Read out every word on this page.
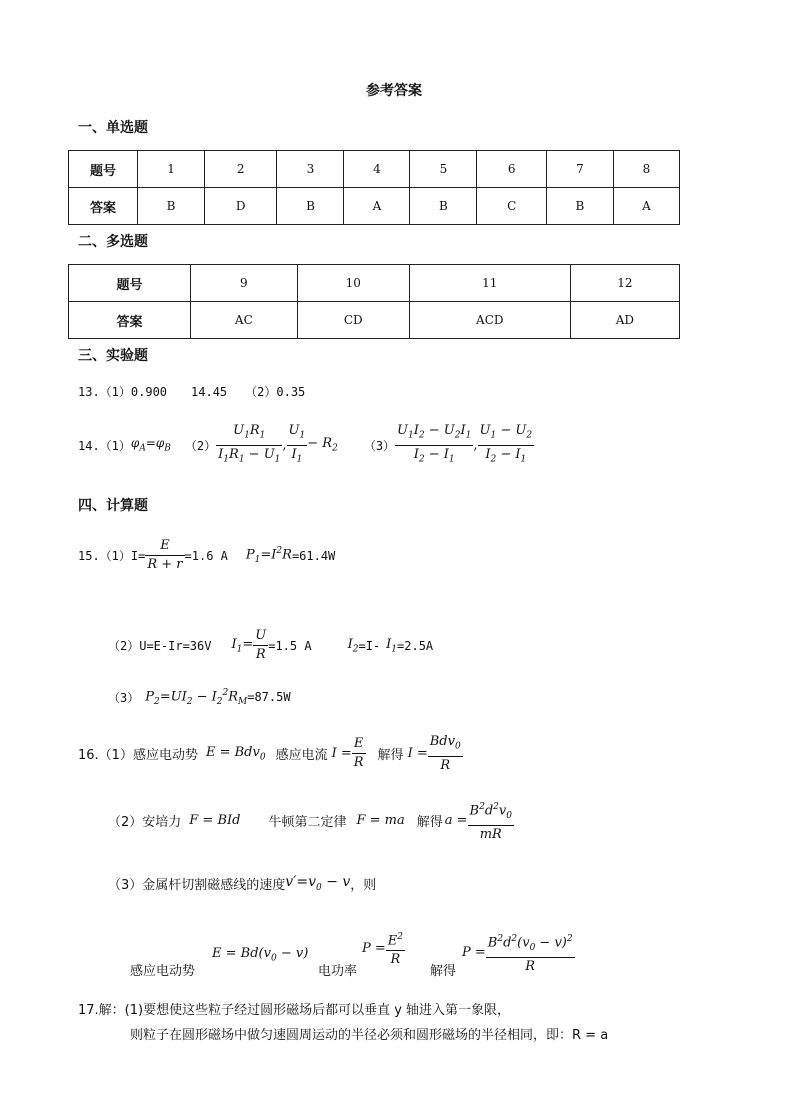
参考答案
一、单选题
题号	1	2	3	4	5	6	7	8
答案	B	D	B	A	B	C	B	A
二、多选题
题号	9	10	11	12
答案	AC	CD	ACD	AD
三、实验题
13.（1）0.900　　14.45　　（2）0.35
14.（1） $\varphi_A=\varphi_B$ $(2) \frac{U_1R_1}{I_1R_1 - U_1}$ , $\frac{U_1}{I_1} - R_2$ $(3) \frac{U_1I_2 - U_2I_1}{I_2 - I_1}$ , $\frac{U_1 - U_2}{I_2 - I_1}$
四、计算题
$15.(1)I= \frac{E}{R + r} =1.6$ A $P_1=I^2R =61.4W$
（2）U=E-Ir=36V $I_1= \frac{U}{R} =1.5$ A	$I_2 =I-$ $I_1 =2.5A$
（3） $P_2=UI_2 - I_2^2R_M =87.5W$
16.（1）感应电动势 E = Bdv$_0$ 感应电流 $I = \frac{E}{R}$ 解得 $I = \frac{Bdv_0}{R}$
（2）安培力 F = BId 牛顿第二定律 F = ma 解得 $a = \frac{B^2d^2v_0}{mR}$
（3）金属杆切割磁感线的速度 $v'=v_0 - v$ ，则
感应电动势
$E = Bd(v_0 - v)$
电功率
$P = \frac{E^2}{R}$
解得
$P = \frac{B^2d^2(v_0 - v)^2}{R}$
17.解：(1)要想使这些粒子经过圆形磁场后都可以垂直 y 轴进入第一象限，
则粒子在圆形磁场中做匀速圆周运动的半径必须和圆形磁场的半径相同，即：R = a
